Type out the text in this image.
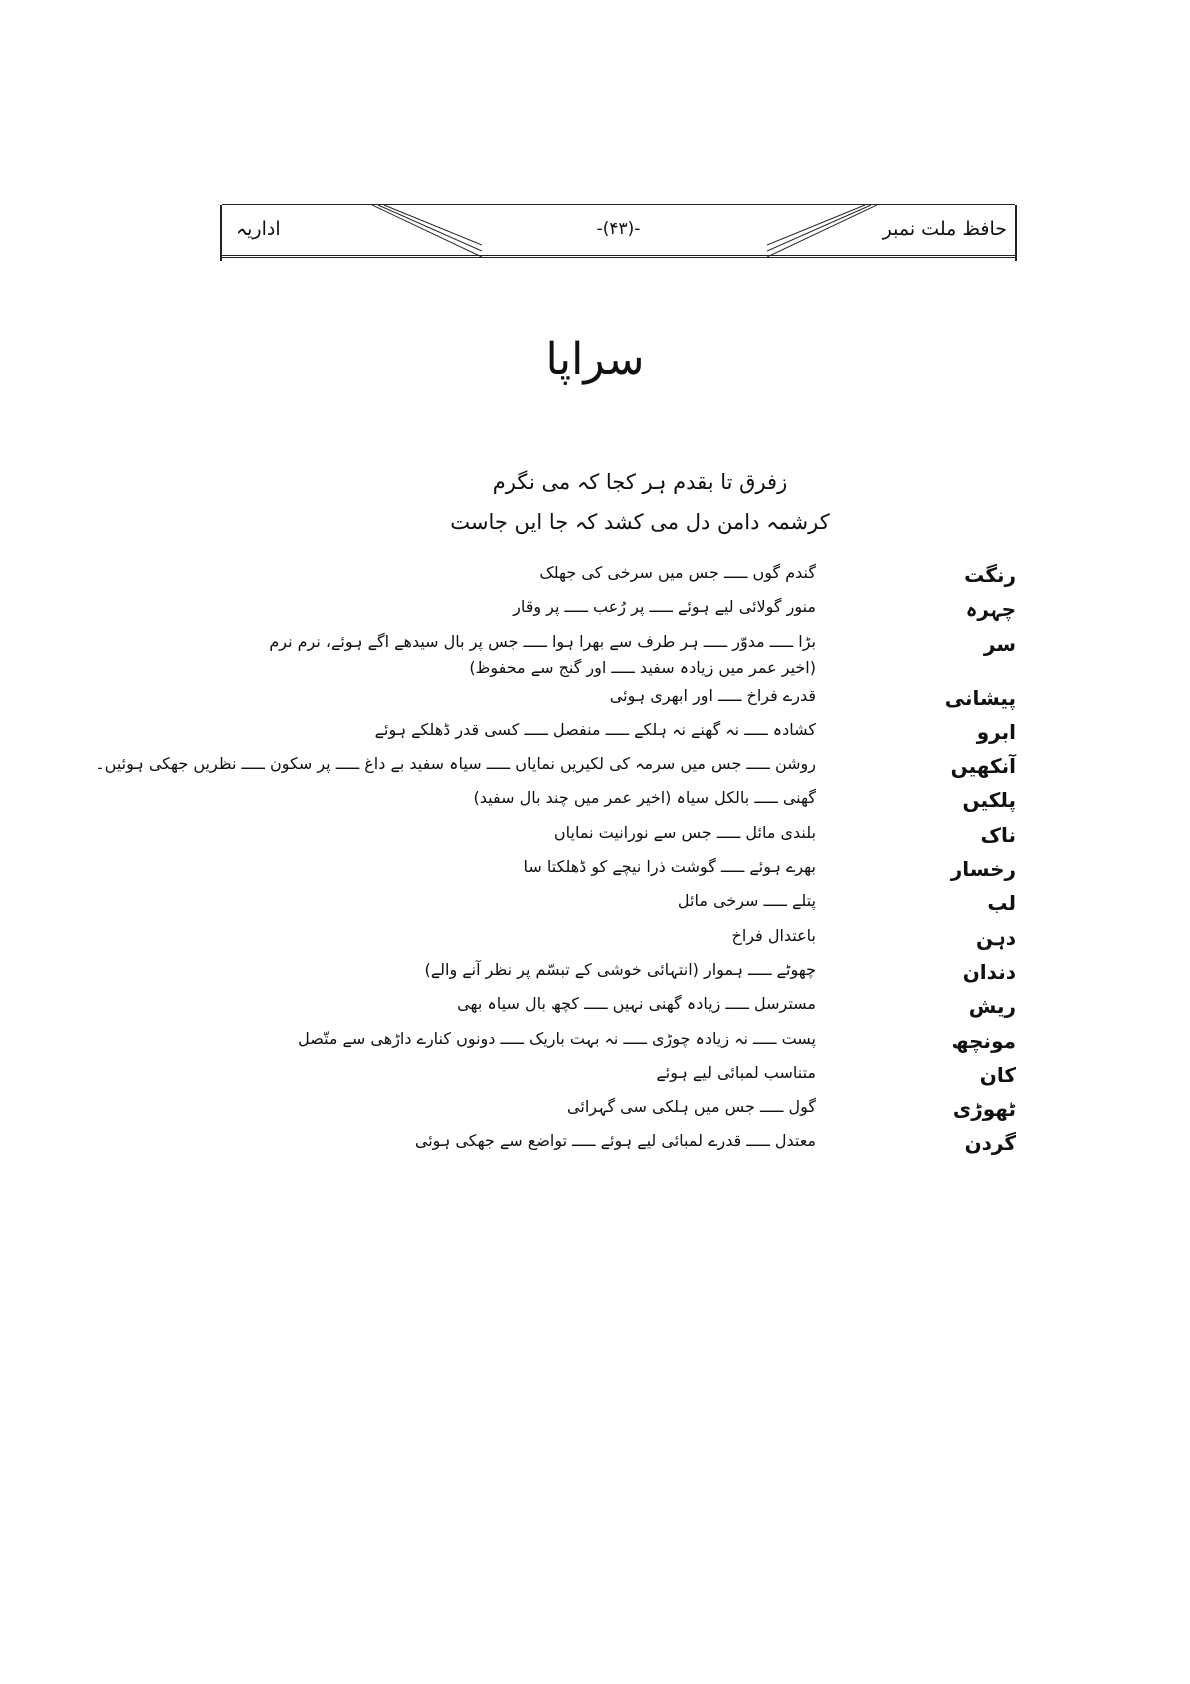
حافظ ملت نمبر
-(۴۳)-
اداریہ
سراپا
زفرق تا بقدم ہر کجا کہ می نگرم
کرشمہ دامن دل می کشد کہ جا ایں جاست
رنگت
گندم گوں ـــــ جس میں سرخی کی جھلک
چہرہ
منور گولائی لیے ہوئے ـــــ پر رُعب ـــــ پر وقار
سر
بڑا ـــــ مدوّر ـــــ ہر طرف سے بھرا ہوا ـــــ جس پر بال سیدھے اگے ہوئے، نرم نرم
(اخیر عمر میں زیادہ سفید ـــــ اور گنج سے محفوظ)
پیشانی
قدرے فراخ ـــــ اور ابھری ہوئی
ابرو
کشادہ ـــــ نہ گھنے نہ ہلکے ـــــ منفصل ـــــ کسی قدر ڈھلکے ہوئے
آنکھیں
روشن ـــــ جس میں سرمہ کی لکیریں نمایاں ـــــ سیاہ سفید بے داغ ـــــ پر سکون ـــــ نظریں جھکی ہوئیں۔
پلکیں
گھنی ـــــ بالکل سیاہ (اخیر عمر میں چند بال سفید)
ناک
بلندی مائل ـــــ جس سے نورانیت نمایاں
رخسار
بھرے ہوئے ـــــ گوشت ذرا نیچے کو ڈھلکتا سا
لب
پتلے ـــــ سرخی مائل
دہن
باعتدال فراخ
دندان
چھوٹے ـــــ ہموار (انتہائی خوشی کے تبسّم پر نظر آنے والے)
ریش
مسترسل ـــــ زیادہ گھنی نہیں ـــــ کچھ بال سیاہ بھی
مونچھ
پست ـــــ نہ زیادہ چوڑی ـــــ نہ بہت باریک ـــــ دونوں کنارے داڑھی سے متّصل
کان
متناسب لمبائی لیے ہوئے
ٹھوڑی
گول ـــــ جس میں ہلکی سی گہرائی
گردن
معتدل ـــــ قدرے لمبائی لیے ہوئے ـــــ تواضع سے جھکی ہوئی
